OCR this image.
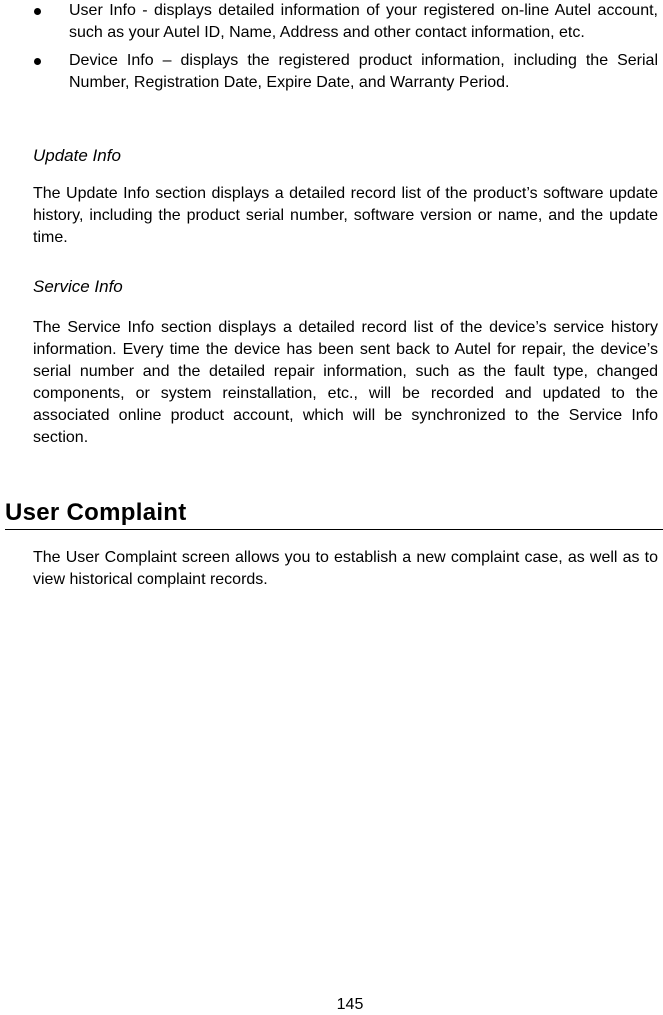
User Info - displays detailed information of your registered on-line Autel account, such as your Autel ID, Name, Address and other contact information, etc.
Device Info – displays the registered product information, including the Serial Number, Registration Date, Expire Date, and Warranty Period.
Update Info

The Update Info section displays a detailed record list of the product’s software update history, including the product serial number, software version or name, and the update time.

Service Info

The Service Info section displays a detailed record list of the device’s service history information. Every time the device has been sent back to Autel for repair, the device’s serial number and the detailed repair information, such as the fault type, changed components, or system reinstallation, etc., will be recorded and updated to the associated online product account, which will be synchronized to the Service Info section.

User Complaint

The User Complaint screen allows you to establish a new complaint case, as well as to view historical complaint records.

145
